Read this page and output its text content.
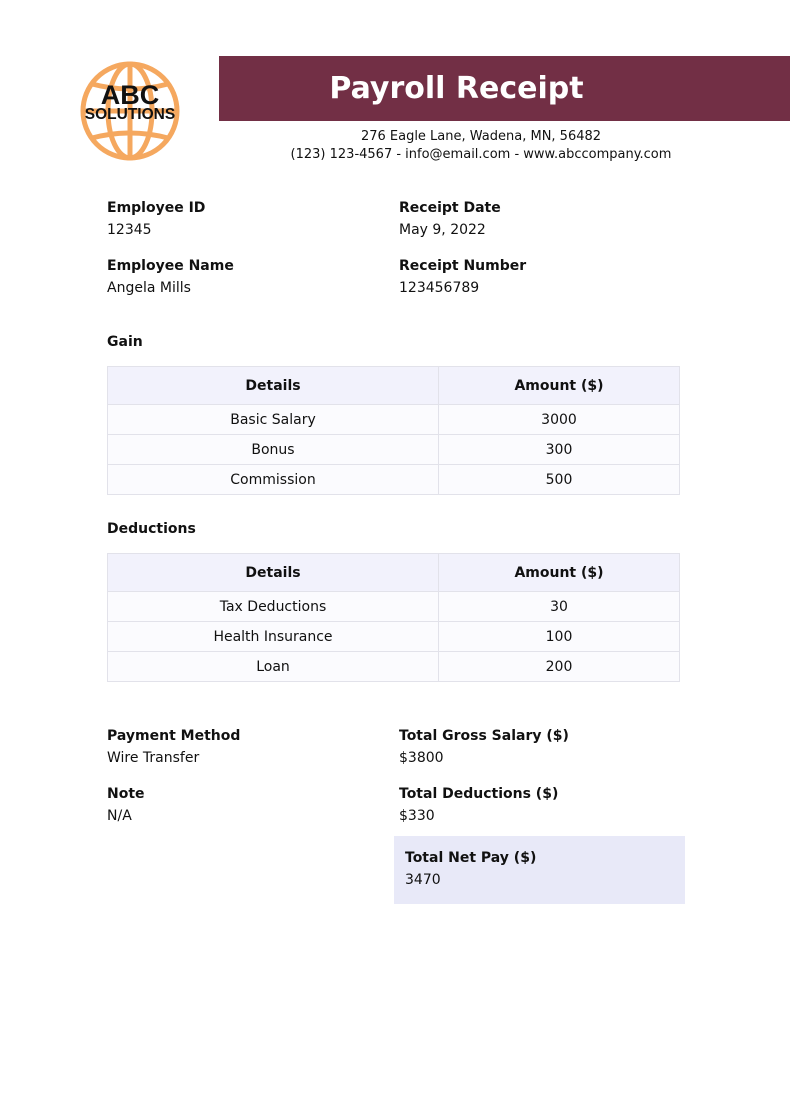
ABC
SOLUTIONS
Payroll Receipt
276 Eagle Lane, Wadena, MN, 56482
(123) 123-4567 - info@email.com - www.abccompany.com
Employee ID
12345
Receipt Date
May 9, 2022
Employee Name
Angela Mills
Receipt Number
123456789
Gain
Details	Amount ($)
Basic Salary	3000
Bonus	300
Commission	500
Deductions
Details	Amount ($)
Tax Deductions	30
Health Insurance	100
Loan	200
Payment Method
Wire Transfer
Total Gross Salary ($)
$3800
Note
N/A
Total Deductions ($)
$330
Total Net Pay ($)
3470
